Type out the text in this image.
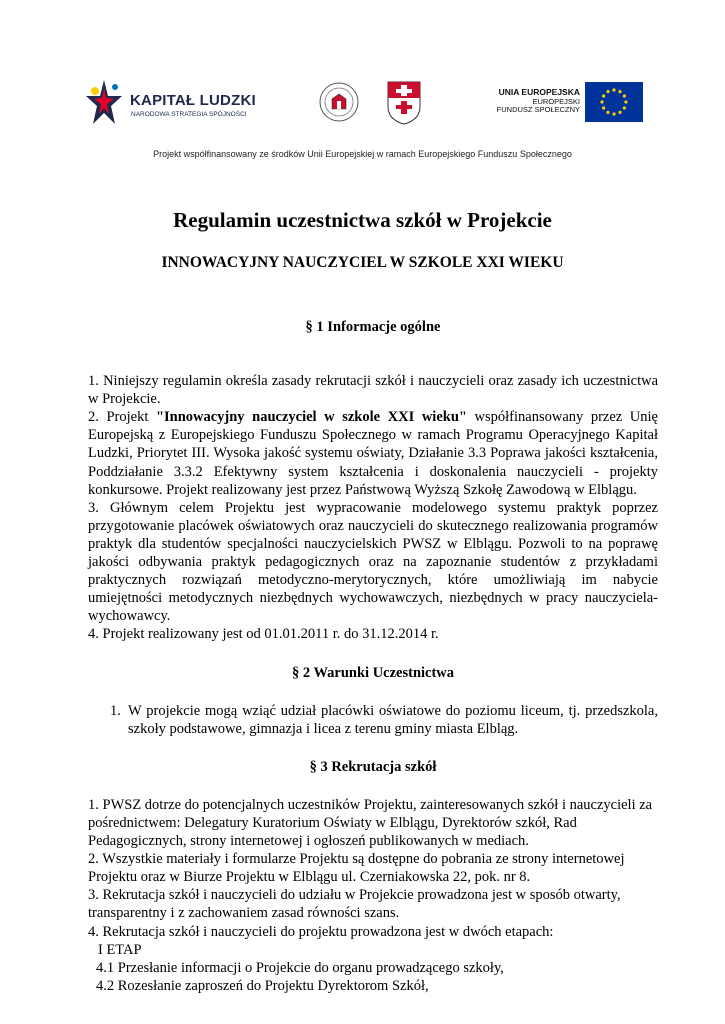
KAPITAŁ LUDZKI
NARODOWA STRATEGIA SPÓJNOŚCI
UNIA EUROPEJSKA
EUROPEJSKI
FUNDUSZ SPOŁECZNY
Projekt współfinansowany ze środków Unii Europejskiej w ramach Europejskiego Funduszu Społecznego
Regulamin uczestnictwa szkół w Projekcie
INNOWACYJNY NAUCZYCIEL W SZKOLE XXI WIEKU
§ 1 Informacje ogólne

1. Niniejszy regulamin określa zasady rekrutacji szkół i nauczycieli oraz zasady ich uczestnictwa w Projekcie.

2. Projekt "Innowacyjny nauczyciel w szkole XXI wieku" współfinansowany przez Unię Europejską z Europejskiego Funduszu Społecznego w ramach Programu Operacyjnego Kapitał Ludzki, Priorytet III. Wysoka jakość systemu oświaty, Działanie 3.3 Poprawa jakości kształcenia, Poddziałanie 3.3.2 Efektywny system kształcenia i doskonalenia nauczycieli - projekty konkursowe. Projekt realizowany jest przez Państwową Wyższą Szkołę Zawodową w Elblągu.

3. Głównym celem Projektu jest wypracowanie modelowego systemu praktyk poprzez przygotowanie placówek oświatowych oraz nauczycieli do skutecznego realizowania programów praktyk dla studentów specjalności nauczycielskich PWSZ w Elblągu. Pozwoli to na poprawę jakości odbywania praktyk pedagogicznych oraz na zapoznanie studentów z przykładami praktycznych rozwiązań metodyczno-merytorycznych, które umożliwiają im nabycie umiejętności metodycznych niezbędnych wychowawczych, niezbędnych w pracy nauczyciela-wychowawcy.

4. Projekt realizowany jest od 01.01.2011 r. do 31.12.2014 r.

§ 2 Warunki Uczestnictwa
1. W projekcie mogą wziąć udział placówki oświatowe do poziomu liceum, tj. przedszkola, szkoły podstawowe, gimnazja i licea z terenu gminy miasta Elbląg.
§ 3 Rekrutacja szkół

1. PWSZ dotrze do potencjalnych uczestników Projektu, zainteresowanych szkół i nauczycieli za pośrednictwem: Delegatury Kuratorium Oświaty w Elblągu, Dyrektorów szkół, Rad Pedagogicznych, strony internetowej i ogłoszeń publikowanych w mediach.

2. Wszystkie materiały i formularze Projektu są dostępne do pobrania ze strony internetowej Projektu oraz w Biurze Projektu w Elblągu ul. Czerniakowska 22, pok. nr 8.

3. Rekrutacja szkół i nauczycieli do udziału w Projekcie prowadzona jest w sposób otwarty, transparentny i z zachowaniem zasad równości szans.

4. Rekrutacja szkół i nauczycieli do projektu prowadzona jest w dwóch etapach:

I ETAP
4.1 Przesłanie informacji o Projekcie do organu prowadzącego szkoły,
4.2 Rozesłanie zaproszeń do Projektu Dyrektorom Szkół,
